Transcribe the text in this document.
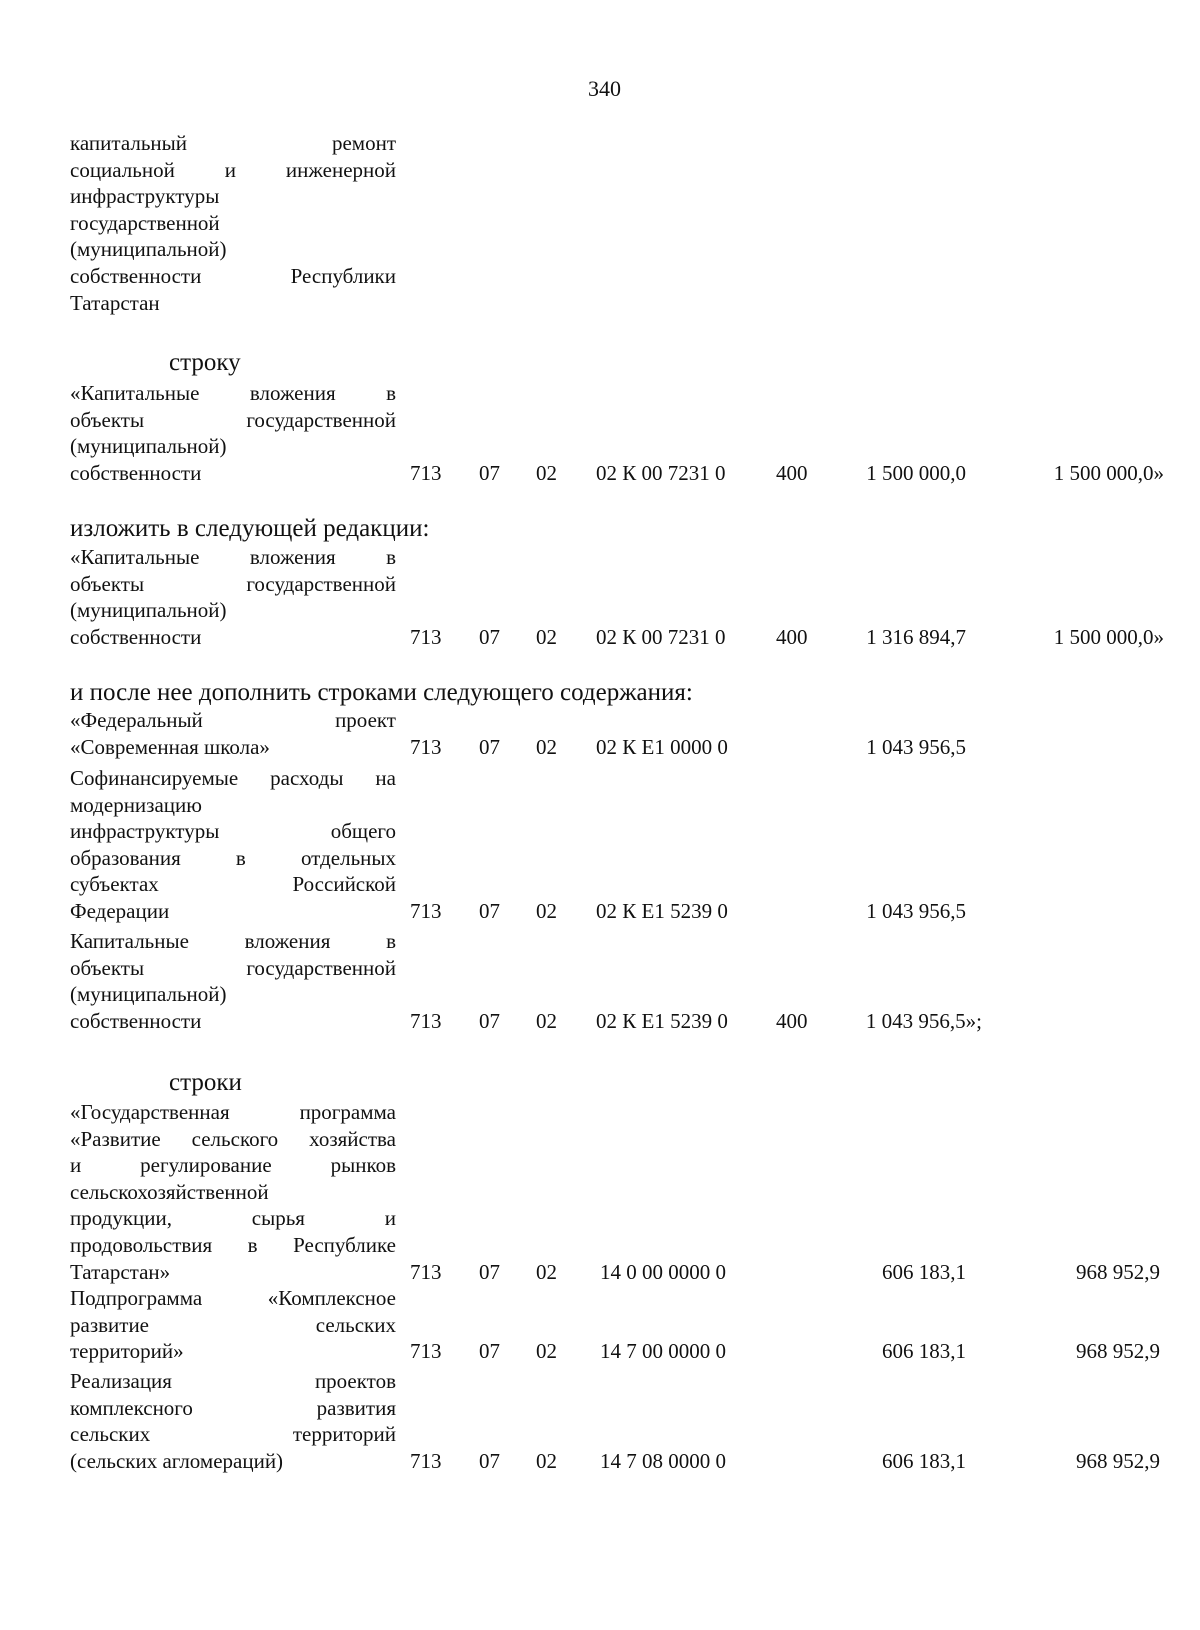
340
капитальный ремонт
социальной и инженерной
инфраструктуры
государственной
(муниципальной)
собственности Республики
Татарстан
строку
«Капитальные вложения в
объекты государственной
(муниципальной)
собственности	713 07 02 02 К 00 7231 0 400	1 500 000,0	1 500 000,0»
изложить в следующей редакции:
«Капитальные вложения в
объекты государственной
(муниципальной)
собственности	713 07 02 02 К 00 7231 0 400	1 316 894,7	1 500 000,0»
и после нее дополнить строками следующего содержания:
«Федеральный проект
«Современная школа»	713 07 02 02 К Е1 0000 0	1 043 956,5
Софинансируемые расходы на
модернизацию
инфраструктуры общего
образования в отдельных
субъектах Российской
Федерации	713 07 02 02 К Е1 5239 0	1 043 956,5
Капитальные вложения в
объекты государственной
(муниципальной)
собственности	713 07 02 02 К Е1 5239 0 400	1 043 956,5»;
строки
«Государственная программа
«Развитие сельского хозяйства
и регулирование рынков
сельскохозяйственной
продукции, сырья и
продовольствия в Республике
Татарстан»	713 07 02 14 0 00 0000 0	606 183,1	968 952,9
Подпрограмма «Комплексное
развитие сельских
территорий»	713 07 02 14 7 00 0000 0	606 183,1	968 952,9
Реализация проектов
комплексного развития
сельских территорий
(сельских агломераций)	713 07 02 14 7 08 0000 0	606 183,1	968 952,9
